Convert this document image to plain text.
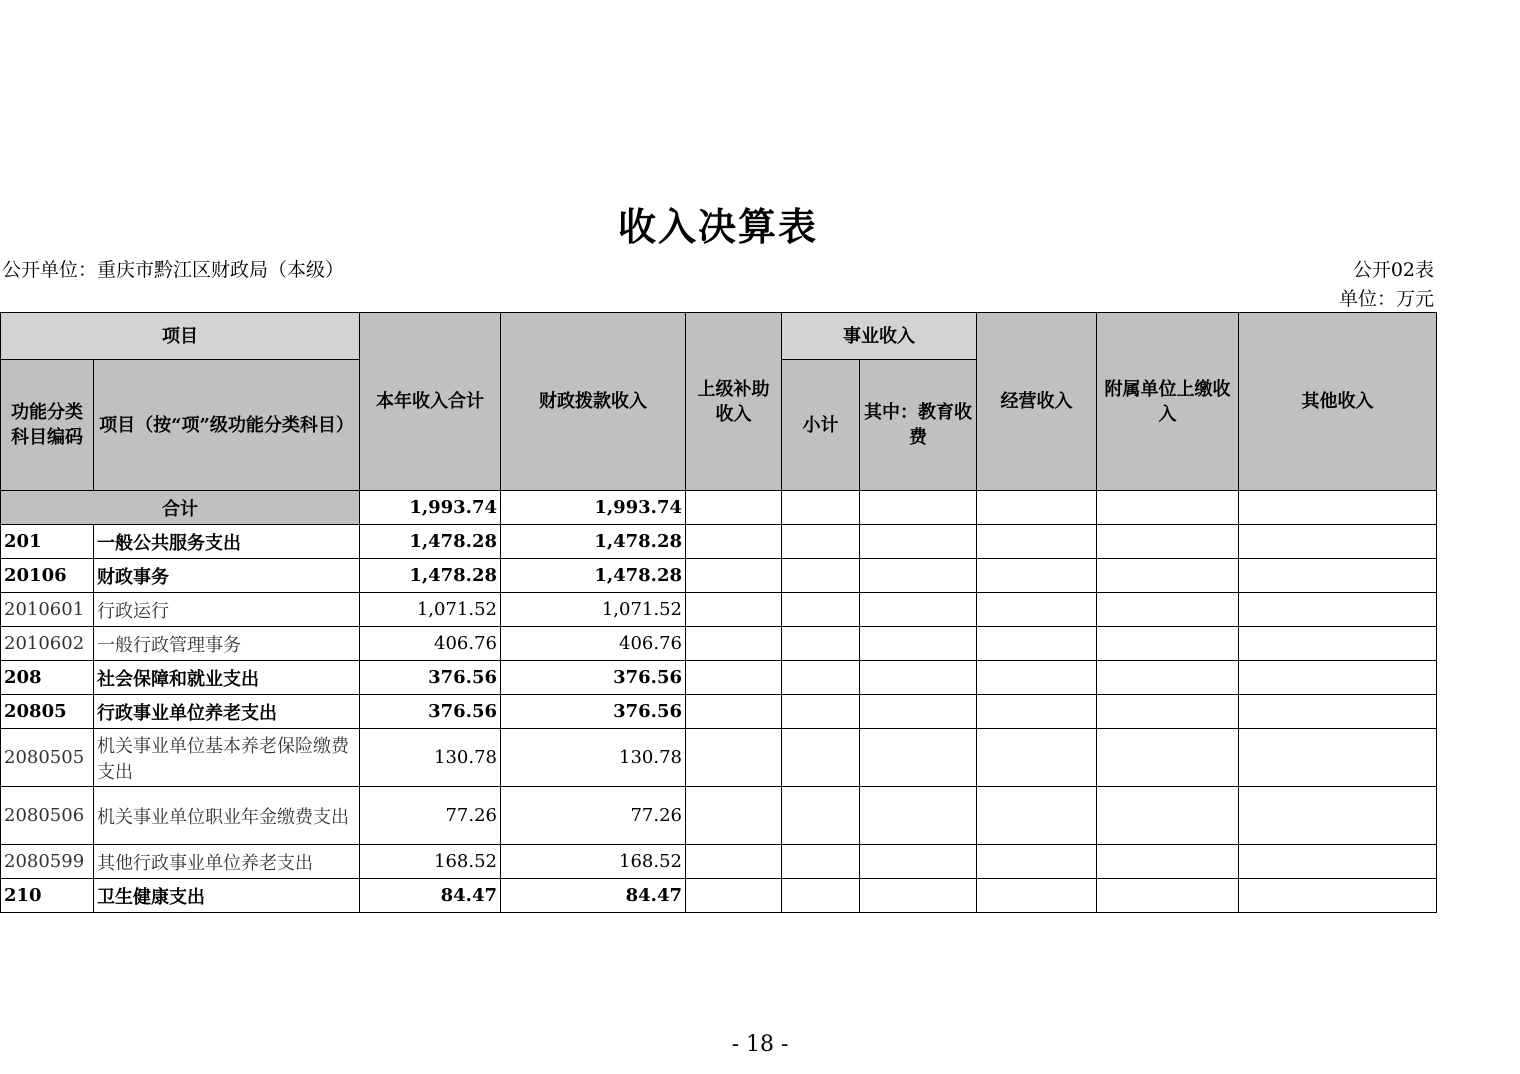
收入决算表
公开单位：重庆市黔江区财政局（本级）	公开02表
单位：万元
项目		本年收入合计	财政拨款收入	上级补助收入	事业收入		经营收入	附属单位上缴收入	其他收入
功能分类科目编码	项目（按“项”级功能分类科目）				小计	其中：教育收费			
合计		1,993.74	1,993.74						
201	一般公共服务支出	1,478.28	1,478.28						
20106	财政事务	1,478.28	1,478.28						
2010601	行政运行	1,071.52	1,071.52						
2010602	一般行政管理事务	406.76	406.76						
208	社会保障和就业支出	376.56	376.56						
20805	行政事业单位养老支出	376.56	376.56						
2080505	机关事业单位基本养老保险缴费支出	130.78	130.78						
2080506	机关事业单位职业年金缴费支出	77.26	77.26						
2080599	其他行政事业单位养老支出	168.52	168.52						
210	卫生健康支出	84.47	84.47						
- 18 -
